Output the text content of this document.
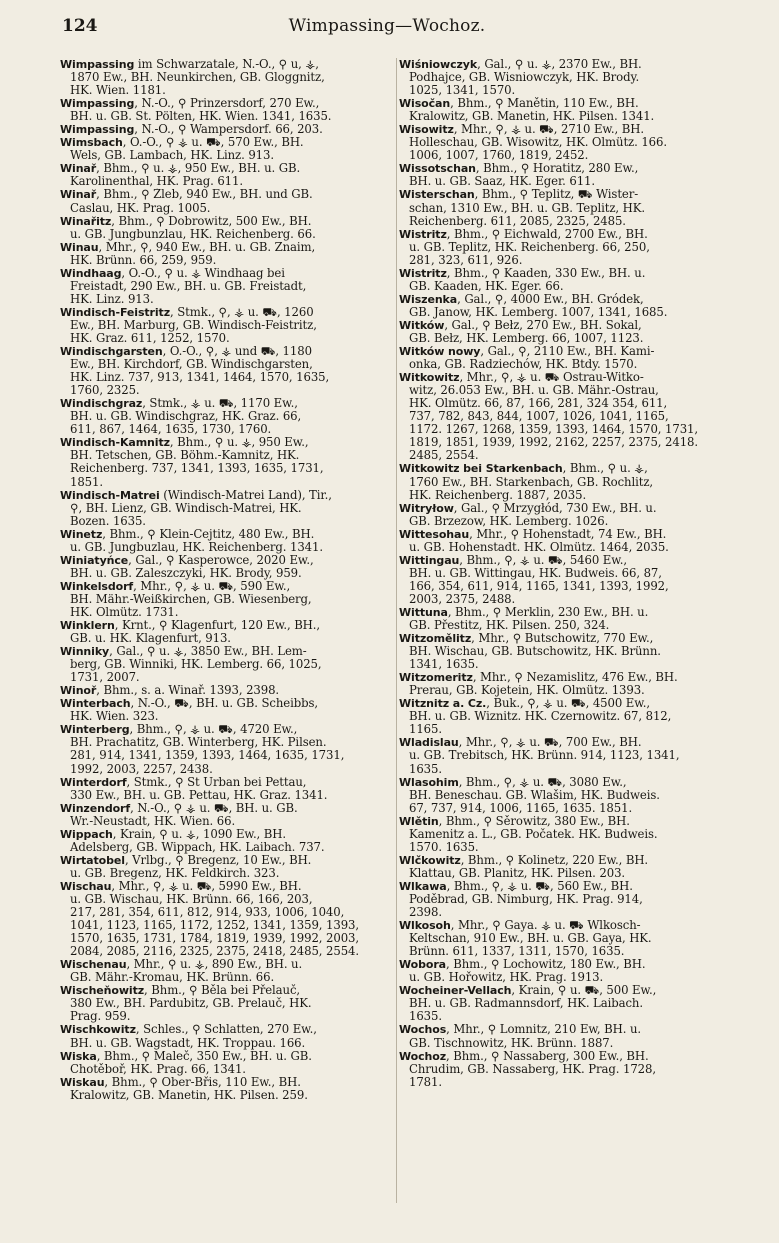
124	Wimpassing—Wochoz.
Wimpassing im Schwarzatale, N.-Ö., ⚲ u, ⚶,
1870 Ew., BH. Neunkirchen, GB. Gloggnitz,
HK. Wien. 1181.
Wimpassing, N.-Ö., ⚲ Prinzersdorf, 270 Ew.,
BH. u. GB. St. Pölten, HK. Wien. 1341, 1635.
Wimpassing, N.-Ö., ⚲ Wampersdorf. 66, 203.
Wimsbach, O.-Ö., ⚲ ⚶ u. ⛟, 570 Ew., BH.
Wels, GB. Lambach, HK. Linz. 913.
Winař, Bhm., ⚲ u. ⚶, 950 Ew., BH. u. GB.
Karolinenthal, HK. Prag. 611.
Winař, Bhm., ⚲ Žleb, 940 Ew., BH. und GB.
Časlau, HK. Prag. 1005.
Winařitz, Bhm., ⚲ Dobrowitz, 500 Ew., BH.
u. GB. Jungbunzlau, HK. Reichenberg. 66.
Winau, Mhr., ⚲, 940 Ew., BH. u. GB. Znaim,
HK. Brünn. 66, 259, 959.
Windhaag, O.-Ö., ⚲ u. ⚶ Windhaag bei
Freistadt, 290 Ew., BH. u. GB. Freistadt,
HK. Linz. 913.
Windisch-Feistritz, Stmk., ⚲, ⚶ u. ⛟, 1260
Ew., BH. Marburg, GB. Windisch-Feistritz,
HK. Graz. 611, 1252, 1570.
Windischgarsten, O.-Ö., ⚲, ⚶ und ⛟, 1180
Ew., BH. Kirchdorf, GB. Windischgarsten,
HK. Linz. 737, 913, 1341, 1464, 1570, 1635,
1760, 2325.
Windischgraz, Stmk., ⚶ u. ⛟, 1170 Ew.,
BH. u. GB. Windischgraz, HK. Graz. 66,
611, 867, 1464, 1635, 1730, 1760.
Windisch-Kamnitz, Bhm., ⚲ u. ⚶, 950 Ew.,
BH. Tetschen, GB. Böhm.-Kamnitz, HK.
Reichenberg. 737, 1341, 1393, 1635, 1731,
1851.
Windisch-Matrei (Windisch-Matrei Land), Tir.,
⚲, BH. Lienz, GB. Windisch-Matrei, HK.
Bozen. 1635.
Winetz, Bhm., ⚲ Klein-Cejtitz, 480 Ew., BH.
u. GB. Jungbuzlau, HK. Reichenberg. 1341.
Winiatyńce, Gal., ⚲ Kasperowce, 2020 Ew.,
BH. u. GB. Zaleszczyki, HK. Brody, 959.
Winkelsdorf, Mhr., ⚲, ⚶ u. ⛟, 590 Ew.,
BH. Mähr.-Weißkirchen, GB. Wiesenberg,
HK. Olmütz. 1731.
Winklern, Krnt., ⚲ Klagenfurt, 120 Ew., BH.,
GB. u. HK. Klagenfurt, 913.
Winniky, Gal., ⚲ u. ⚶, 3850 Ew., BH. Lem-
berg, GB. Winniki, HK. Lemberg. 66, 1025,
1731, 2007.
Winoř, Bhm., s. a. Winař. 1393, 2398.
Winterbach, N.-Ö., ⛟, BH. u. GB. Scheibbs,
HK. Wien. 323.
Winterberg, Bhm., ⚲, ⚶ u. ⛟, 4720 Ew.,
BH. Prachatitz, GB. Winterberg, HK. Pilsen.
281, 914, 1341, 1359, 1393, 1464, 1635, 1731,
1992, 2003, 2257, 2438.
Winterdorf, Stmk., ⚲ St Urban bei Pettau,
330 Ew., BH. u. GB. Pettau, HK. Graz. 1341.
Winzendorf, N.-Ö., ⚲ ⚶ u. ⛟, BH. u. GB.
Wr.-Neustadt, HK. Wien. 66.
Wippach, Krain, ⚲ u. ⚶, 1090 Ew., BH.
Adelsberg, GB. Wippach, HK. Laibach. 737.
Wirtatobel, Vrlbg., ⚲ Bregenz, 10 Ew., BH.
u. GB. Bregenz, HK. Feldkirch. 323.
Wischau, Mhr., ⚲, ⚶ u. ⛟, 5990 Ew., BH.
u. GB. Wischau, HK. Brünn. 66, 166, 203,
217, 281, 354, 611, 812, 914, 933, 1006, 1040,
1041, 1123, 1165, 1172, 1252, 1341, 1359, 1393,
1570, 1635, 1731, 1784, 1819, 1939, 1992, 2003,
2084, 2085, 2116, 2325, 2375, 2418, 2485, 2554.
Wischenau, Mhr., ⚲ u. ⚶, 890 Ew., BH. u.
GB. Mähr.-Kromau, HK. Brünn. 66.
Wischeňowitz, Bhm., ⚲ Běla bei Přelauč,
380 Ew., BH. Pardubitz, GB. Prelauč, HK.
Prag. 959.
Wischkowitz, Schles., ⚲ Schlatten, 270 Ew.,
BH. u. GB. Wagstadt, HK. Troppau. 166.
Wiska, Bhm., ⚲ Maleč, 350 Ew., BH. u. GB.
Chotěboř, HK. Prag. 66, 1341.
Wiskau, Bhm., ⚲ Ober-Břis, 110 Ew., BH.
Kralowitz, GB. Manetin, HK. Pilsen. 259.
Wiśniowczyk, Gal., ⚲ u. ⚶, 2370 Ew., BH.
Podhajce, GB. Wisniowczyk, HK. Brody.
1025, 1341, 1570.
Wisočan, Bhm., ⚲ Manětin, 110 Ew., BH.
Kralowitz, GB. Manetin, HK. Pilsen. 1341.
Wisowitz, Mhr., ⚲, ⚶ u. ⛟, 2710 Ew., BH.
Holleschau, GB. Wisowitz, HK. Olmütz. 166.
1006, 1007, 1760, 1819, 2452.
Wissotschan, Bhm., ⚲ Horatitz, 280 Ew.,
BH. u. GB. Saaz, HK. Eger. 611.
Wisterschan, Bhm., ⚲ Teplitz, ⛟ Wister-
schan, 1310 Ew., BH. u. GB. Teplitz, HK.
Reichenberg. 611, 2085, 2325, 2485.
Wistritz, Bhm., ⚲ Eichwald, 2700 Ew., BH.
u. GB. Teplitz, HK. Reichenberg. 66, 250,
281, 323, 611, 926.
Wistritz, Bhm., ⚲ Kaaden, 330 Ew., BH. u.
GB. Kaaden, HK. Eger. 66.
Wiszenka, Gal., ⚲, 4000 Ew., BH. Gródek,
GB. Janow, HK. Lemberg. 1007, 1341, 1685.
Witków, Gal., ⚲ Bełz, 270 Ew., BH. Sokal,
GB. Bełz, HK. Lemberg. 66, 1007, 1123.
Witków nowy, Gal., ⚲, 2110 Ew., BH. Kami-
onka, GB. Radziechów, HK. Btdy. 1570.
Witkowitz, Mhr., ⚲, ⚶ u. ⛟ Ostrau-Witko-
witz, 26.053 Ew., BH. u. GB. Mähr.-Ostrau,
HK. Olmütz. 66, 87, 166, 281, 324 354, 611,
737, 782, 843, 844, 1007, 1026, 1041, 1165,
1172. 1267, 1268, 1359, 1393, 1464, 1570, 1731,
1819, 1851, 1939, 1992, 2162, 2257, 2375, 2418.
2485, 2554.
Witkowitz bei Starkenbach, Bhm., ⚲ u. ⚶,
1760 Ew., BH. Starkenbach, GB. Rochlitz,
HK. Reichenberg. 1887, 2035.
Witryłow, Gal., ⚲ Mrzygłód, 730 Ew., BH. u.
GB. Brzezow, HK. Lemberg. 1026.
Wittesohau, Mhr., ⚲ Hohenstadt, 74 Ew., BH.
u. GB. Hohenstadt. HK. Olmütz. 1464, 2035.
Wittingau, Bhm., ⚲, ⚶ u. ⛟, 5460 Ew.,
BH. u. GB. Wittingau, HK. Budweis. 66, 87,
166, 354, 611, 914, 1165, 1341, 1393, 1992,
2003, 2375, 2488.
Wittuna, Bhm., ⚲ Merklin, 230 Ew., BH. u.
GB. Přestitz, HK. Pilsen. 250, 324.
Witzomělitz, Mhr., ⚲ Butschowitz, 770 Ew.,
BH. Wischau, GB. Butschowitz, HK. Brünn.
1341, 1635.
Witzomeritz, Mhr., ⚲ Nezamislitz, 476 Ew., BH.
Prerau, GB. Kojetein, HK. Olmütz. 1393.
Witznitz a. Cz., Buk., ⚲, ⚶ u. ⛟, 4500 Ew.,
BH. u. GB. Wiznitz. HK. Czernowitz. 67, 812,
1165.
Wladislau, Mhr., ⚲, ⚶ u. ⛟, 700 Ew., BH.
u. GB. Trebitsch, HK. Brünn. 914, 1123, 1341,
1635.
Wlasohim, Bhm., ⚲, ⚶ u. ⛟, 3080 Ew.,
BH. Beneschau. GB. Wlašim, HK. Budweis.
67, 737, 914, 1006, 1165, 1635. 1851.
Wlětin, Bhm., ⚲ Sěrowitz, 380 Ew., BH.
Kamenitz a. L., GB. Počatek. HK. Budweis.
1570. 1635.
Wlčkowitz, Bhm., ⚲ Kolinetz, 220 Ew., BH.
Klattau, GB. Planitz, HK. Pilsen. 203.
Wlkawa, Bhm., ⚲, ⚶ u. ⛟, 560 Ew., BH.
Poděbrad, GB. Nimburg, HK. Prag. 914,
2398.
Wlkosoh, Mhr., ⚲ Gaya. ⚶ u. ⛟ Wlkosch-
Keltschan, 910 Ew., BH. u. GB. Gaya, HK.
Brünn. 611, 1337, 1311, 1570, 1635.
Wobora, Bhm., ⚲ Lochowitz, 180 Ew., BH.
u. GB. Hořowitz, HK. Prag. 1913.
Wocheiner-Vellach, Krain, ⚲ u. ⛟, 500 Ew.,
BH. u. GB. Radmannsdorf, HK. Laibach.
1635.
Wochos, Mhr., ⚲ Lomnitz, 210 Ew, BH. u.
GB. Tischnowitz, HK. Brünn. 1887.
Wochoz, Bhm., ⚲ Nassaberg, 300 Ew., BH.
Chrudim, GB. Nassaberg, HK. Prag. 1728,
1781.
